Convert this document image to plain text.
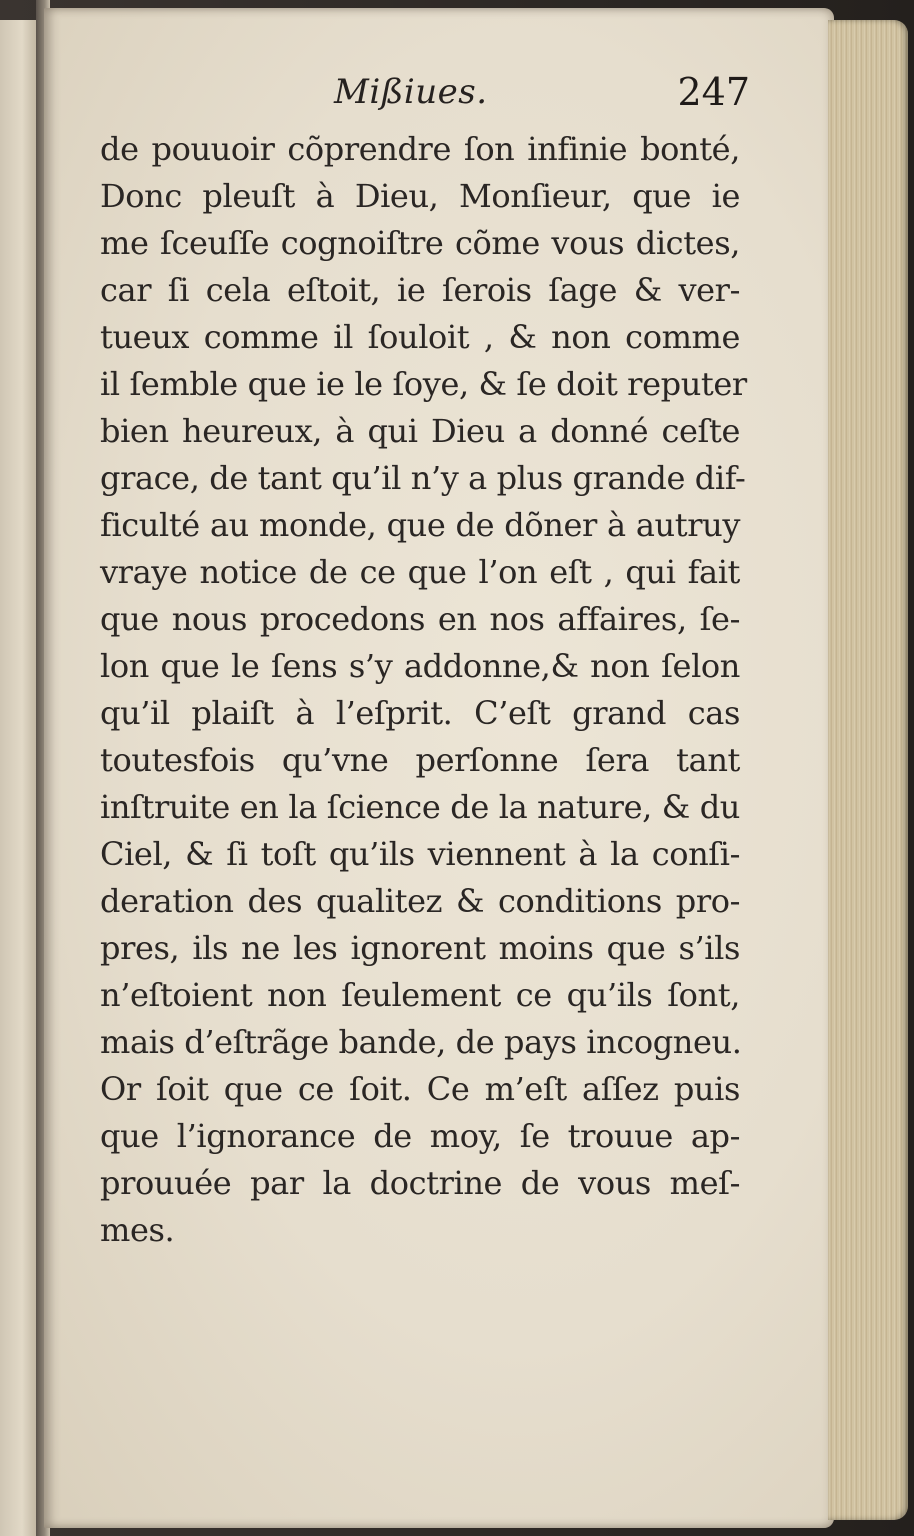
Mißiues.	247
de pouuoir cõprendre ſon infinie bonté,
Donc pleuſt à Dieu, Monſieur, que ie
me ſceuſſe cognoiſtre cõme vous dictes,
car ſi cela eſtoit, ie ſerois ſage & ver-
tueux comme il ſouloit , & non comme
il ſemble que ie le ſoye, & ſe doit reputer
bien heureux, à qui Dieu a donné ceſte
grace, de tant qu’il n’y a plus grande dif-
ficulté au monde, que de dõner à autruy
vraye notice de ce que l’on eſt , qui fait
que nous procedons en nos affaires, ſe-
lon que le ſens s’y addonne,& non ſelon
qu’il plaiſt à l’eſprit. C’eſt grand cas
toutesfois qu’vne perſonne ſera tant
inſtruite en la ſcience de la nature, & du
Ciel, & ſi toſt qu’ils viennent à la conſi-
deration des qualitez & conditions pro-
pres, ils ne les ignorent moins que s’ils
n’eſtoient non ſeulement ce qu’ils ſont,
mais d’eſtrãge bande, de pays incogneu.
Or ſoit que ce ſoit. Ce m’eſt aſſez puis
que l’ignorance de moy, ſe trouue ap-
prouuée par la doctrine de vous meſ-
mes.
